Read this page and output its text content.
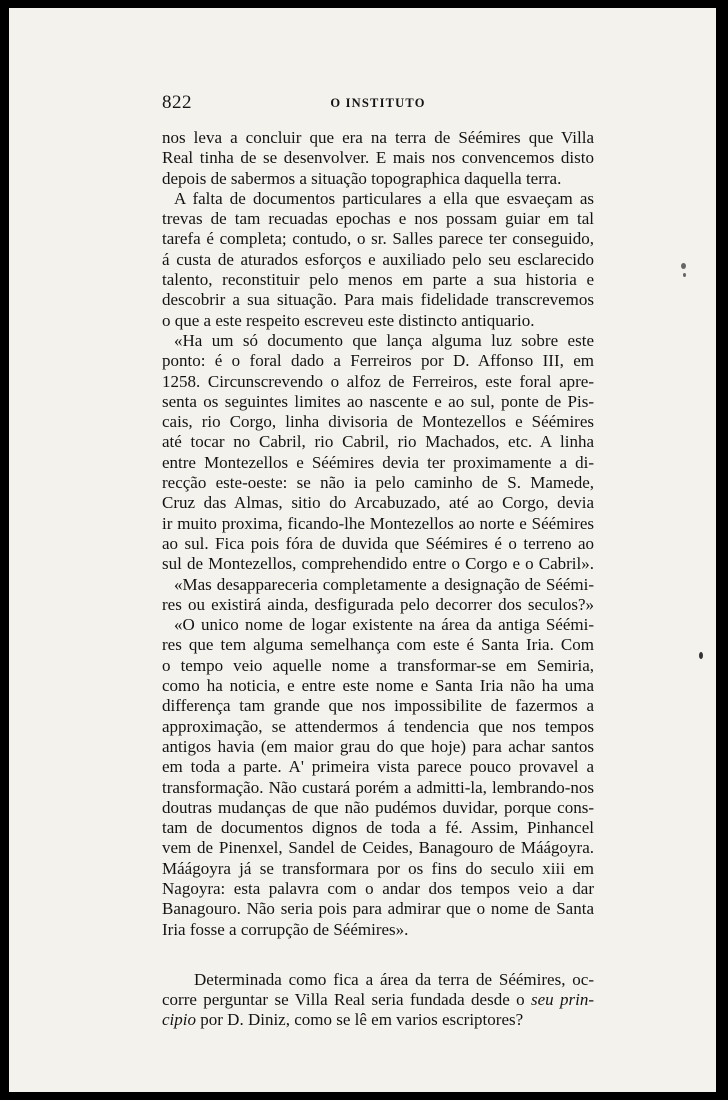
822	O INSTITUTO
nos leva a concluir que era na terra de Séémires que Villa
Real tinha de se desenvolver. E mais nos convencemos disto
depois de sabermos a situação topographica daquella terra.
A falta de documentos particulares a ella que esvaeçam as
trevas de tam recuadas epochas e nos possam guiar em tal
tarefa é completa; contudo, o sr. Salles parece ter conseguido,
á custa de aturados esforços e auxiliado pelo seu esclarecido
talento, reconstituir pelo menos em parte a sua historia e
descobrir a sua situação. Para mais fidelidade transcrevemos
o que a este respeito escreveu este distincto antiquario.
«Ha um só documento que lança alguma luz sobre este
ponto: é o foral dado a Ferreiros por D. Affonso III, em
1258. Circunscrevendo o alfoz de Ferreiros, este foral apre-
senta os seguintes limites ao nascente e ao sul, ponte de Pis-
cais, rio Corgo, linha divisoria de Montezellos e Séémires
até tocar no Cabril, rio Cabril, rio Machados, etc. A linha
entre Montezellos e Séémires devia ter proximamente a di-
recção este-oeste: se não ia pelo caminho de S. Mamede,
Cruz das Almas, sitio do Arcabuzado, até ao Corgo, devia
ir muito proxima, ficando-lhe Montezellos ao norte e Séémires
ao sul. Fica pois fóra de duvida que Séémires é o terreno ao
sul de Montezellos, comprehendido entre o Corgo e o Cabril».
«Mas desappareceria completamente a designação de Séémi-
res ou existirá ainda, desfigurada pelo decorrer dos seculos?»
«O unico nome de logar existente na área da antiga Séémi-
res que tem alguma semelhança com este é Santa Iria. Com
o tempo veio aquelle nome a transformar-se em Semiria,
como ha noticia, e entre este nome e Santa Iria não ha uma
differença tam grande que nos impossibilite de fazermos a
approximação, se attendermos á tendencia que nos tempos
antigos havia (em maior grau do que hoje) para achar santos
em toda a parte. A' primeira vista parece pouco provavel a
transformação. Não custará porém a admitti-la, lembrando-nos
doutras mudanças de que não pudémos duvidar, porque cons-
tam de documentos dignos de toda a fé. Assim, Pinhancel
vem de Pinenxel, Sandel de Ceides, Banagouro de Máágoyra.
Máágoyra já se transformara por os fins do seculo xiii em
Nagoyra: esta palavra com o andar dos tempos veio a dar
Banagouro. Não seria pois para admirar que o nome de Santa
Iria fosse a corrupção de Séémires».
Determinada como fica a área da terra de Séémires, oc-
corre perguntar se Villa Real seria fundada desde o seu prin-
cipio por D. Diniz, como se lê em varios escriptores?
